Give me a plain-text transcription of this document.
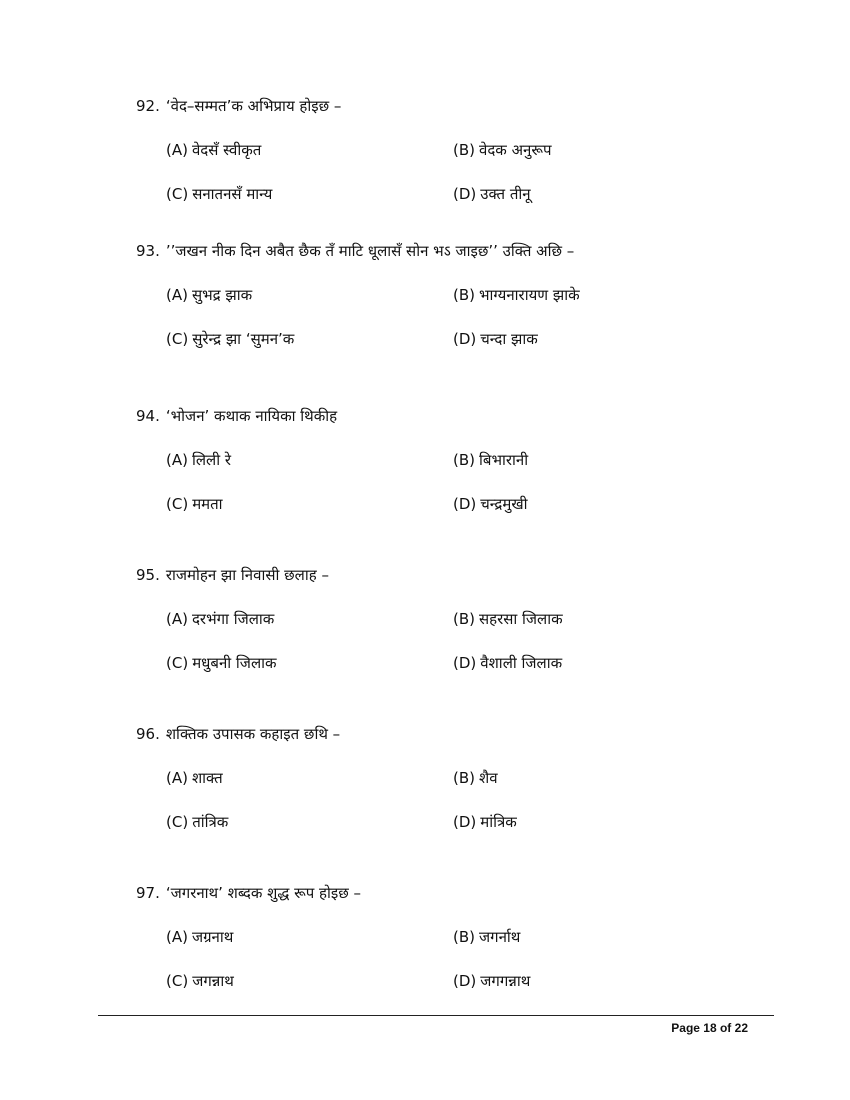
92. ‘वेद–सम्मत’क अभिप्राय होइछ –
(A) वेदसँ स्वीकृत	(B) वेदक अनुरूप
(C) सनातनसँ मान्य	(D) उक्त तीनू
93. ’’जखन नीक दिन अबैत छैक तँ माटि धूलासँ सोन भऽ जाइछ’’ उक्ति अछि –
(A) सुभद्र झाक	(B) भाग्यनारायण झाके
(C) सुरेन्द्र झा ‘सुमन’क	(D) चन्दा झाक
94. ‘भोजन’ कथाक नायिका थिकीह
(A) लिली रे	(B) बिभारानी
(C) ममता	(D) चन्द्रमुखी
95. राजमोहन झा निवासी छलाह –
(A) दरभंगा जिलाक	(B) सहरसा जिलाक
(C) मधुबनी जिलाक	(D) वैशाली जिलाक
96. शक्तिक उपासक कहाइत छथि –
(A) शाक्त	(B) शैव
(C) तांत्रिक	(D) मांत्रिक
97. ‘जगरनाथ’ शब्दक शुद्ध रूप होइछ –
(A) जग्रनाथ	(B) जगर्नाथ
(C) जगन्नाथ	(D) जगगन्नाथ
Page 18 of 22
